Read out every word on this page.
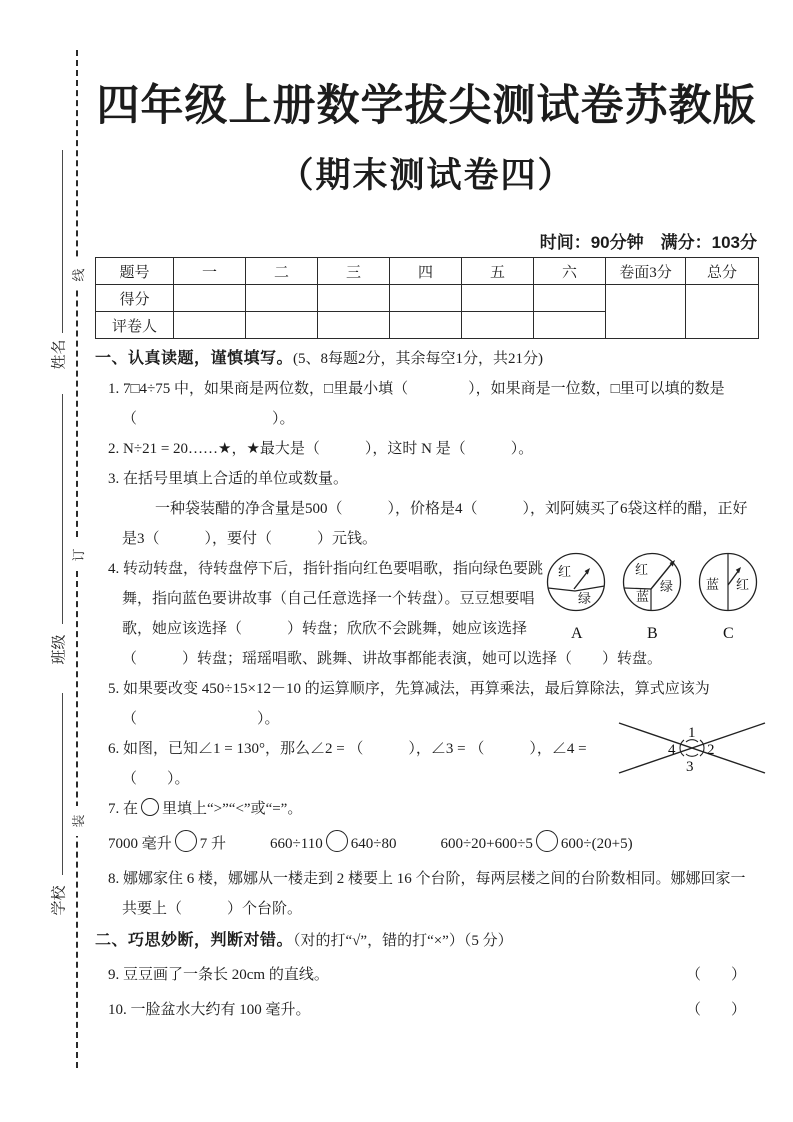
线
订
装
姓名
班级
学校
四年级上册数学拔尖测试卷苏教版
（期末测试卷四）
时间：90分钟　满分：103分
题号	一	二	三	四	五	六	卷面3分	总分
得分								
评卷人								
一、认真读题，谨慎填写。(5、8每题2分，其余每空1分，共21分)
1. 7□4÷75 中，如果商是两位数，□里最小填（　　　　），如果商是一位数，□里可以填的数是
（　　　　　　　　　）。
2. N÷21 = 20……★，★最大是（　　　），这时 N 是（　　　）。
3. 在括号里填上合适的单位或数量。
一种袋装醋的净含量是500（　　　），价格是4（　　　），刘阿姨买了6袋这样的醋，正好
是3（　　　），要付（　　　）元钱。
4. 转动转盘，待转盘停下后，指针指向红色要唱歌，指向绿色要跳
舞，指向蓝色要讲故事（自己任意选择一个转盘）。豆豆想要唱
歌，她应该选择（　　　）转盘；欣欣不会跳舞，她应该选择
（　　　）转盘；瑶瑶唱歌、跳舞、讲故事都能表演，她可以选择（　　）转盘。
5. 如果要改变 450÷15×12－10 的运算顺序，先算减法，再算乘法，最后算除法，算式应该为
（　　　　　　　　）。
6. 如图，已知∠1 = 130°，那么∠2 = （　　　），∠3 = （　　　），∠4 =
（　　）。
7. 在 里填上“>”“<”或“=”。
7000 毫升 7 升	660÷110 640÷80	600÷20+600÷5 600÷(20+5)
8. 娜娜家住 6 楼，娜娜从一楼走到 2 楼要上 16 个台阶，每两层楼之间的台阶数相同。娜娜回家一
共要上（　　　）个台阶。
二、巧思妙断，判断对错。（对的打“√”，错的打“×”）（5 分）
9. 豆豆画了一条长 20cm 的直线。	（　　）
10. 一脸盆水大约有 100 毫升。	（　　）
红
绿
A
红
蓝
绿
B
蓝 红
C
1
2
3
4
